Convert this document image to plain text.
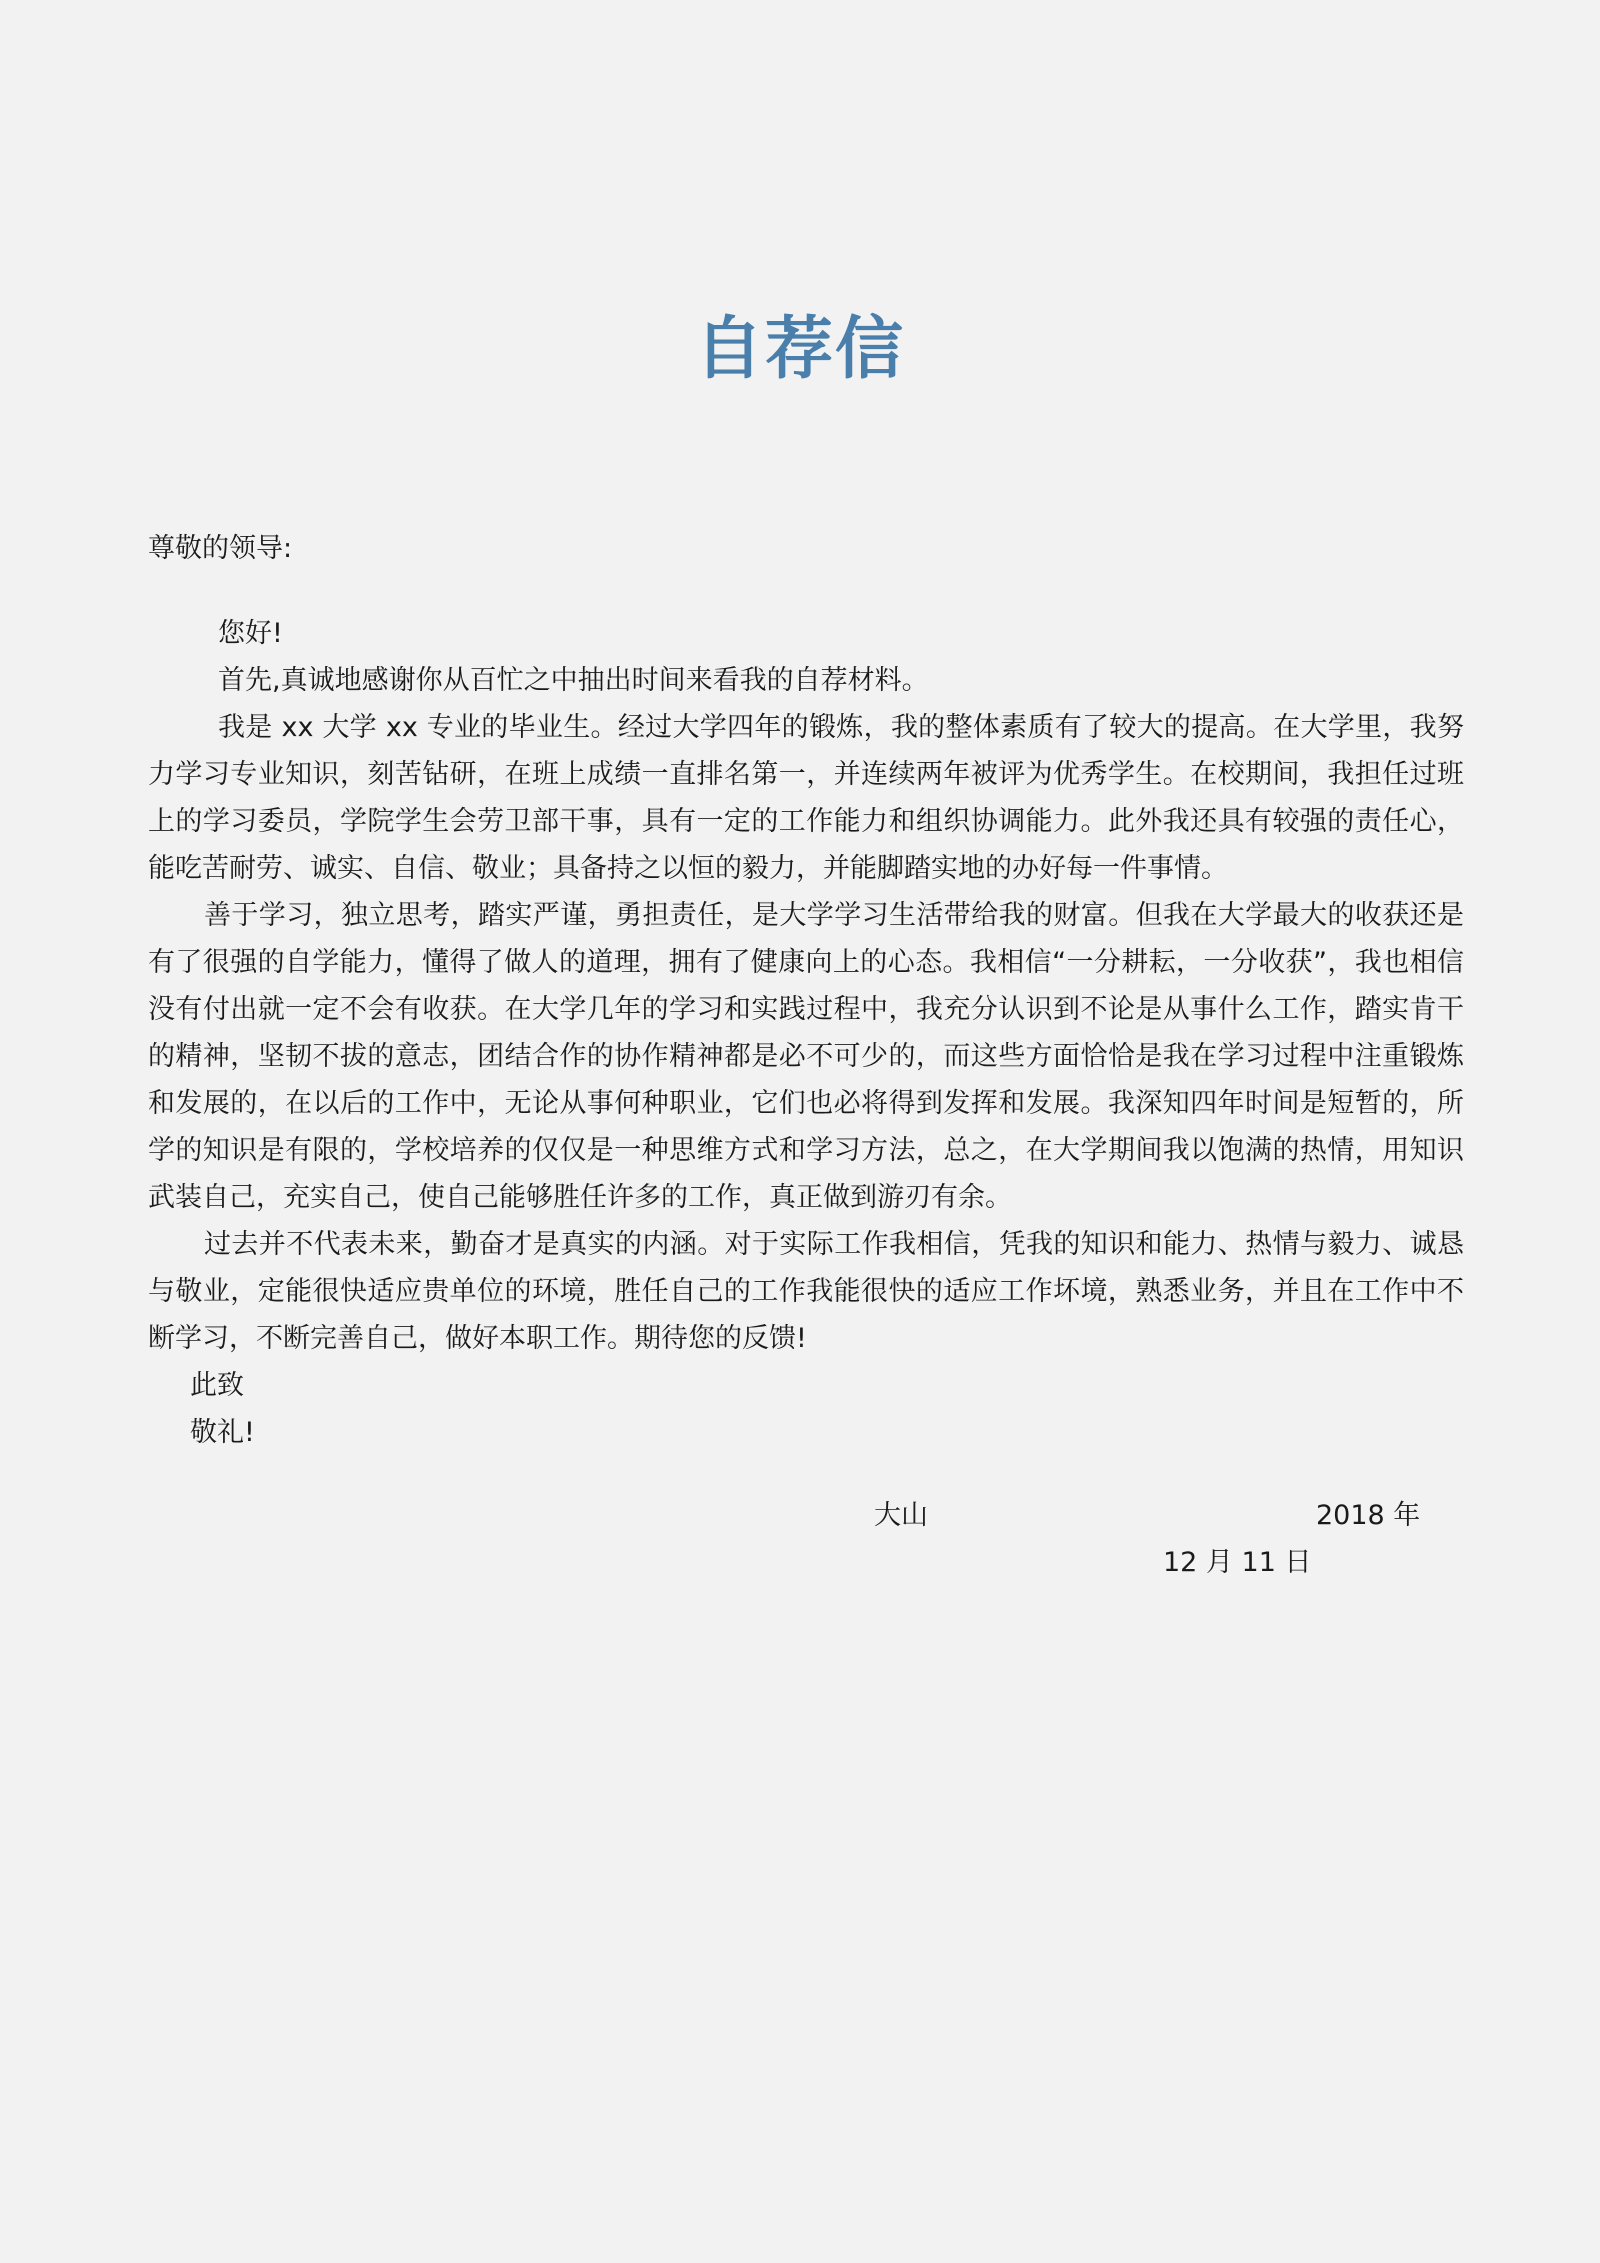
自荐信

尊敬的领导:

您好!

首先,真诚地感谢你从百忙之中抽出时间来看我的自荐材料。

我是 xx 大学 xx 专业的毕业生。经过大学四年的锻炼，我的整体素质有了较大的提高。在大学里，我努力学习专业知识，刻苦钻研，在班上成绩一直排名第一，并连续两年被评为优秀学生。在校期间，我担任过班上的学习委员，学院学生会劳卫部干事，具有一定的工作能力和组织协调能力。此外我还具有较强的责任心，能吃苦耐劳、诚实、自信、敬业；具备持之以恒的毅力，并能脚踏实地的办好每一件事情。

善于学习，独立思考，踏实严谨，勇担责任，是大学学习生活带给我的财富。但我在大学最大的收获还是有了很强的自学能力，懂得了做人的道理，拥有了健康向上的心态。我相信“一分耕耘，一分收获”，我也相信没有付出就一定不会有收获。在大学几年的学习和实践过程中，我充分认识到不论是从事什么工作，踏实肯干的精神，坚韧不拔的意志，团结合作的协作精神都是必不可少的，而这些方面恰恰是我在学习过程中注重锻炼和发展的，在以后的工作中，无论从事何种职业，它们也必将得到发挥和发展。我深知四年时间是短暂的，所学的知识是有限的，学校培养的仅仅是一种思维方式和学习方法，总之，在大学期间我以饱满的热情，用知识武装自己，充实自己，使自己能够胜任许多的工作，真正做到游刃有余。

过去并不代表未来，勤奋才是真实的内涵。对于实际工作我相信，凭我的知识和能力、热情与毅力、诚恳与敬业，定能很快适应贵单位的环境，胜任自己的工作我能很快的适应工作坏境，熟悉业务，并且在工作中不断学习，不断完善自己，做好本职工作。期待您的反馈!

此致

敬礼!

大山	2018 年
12 月 11 日
